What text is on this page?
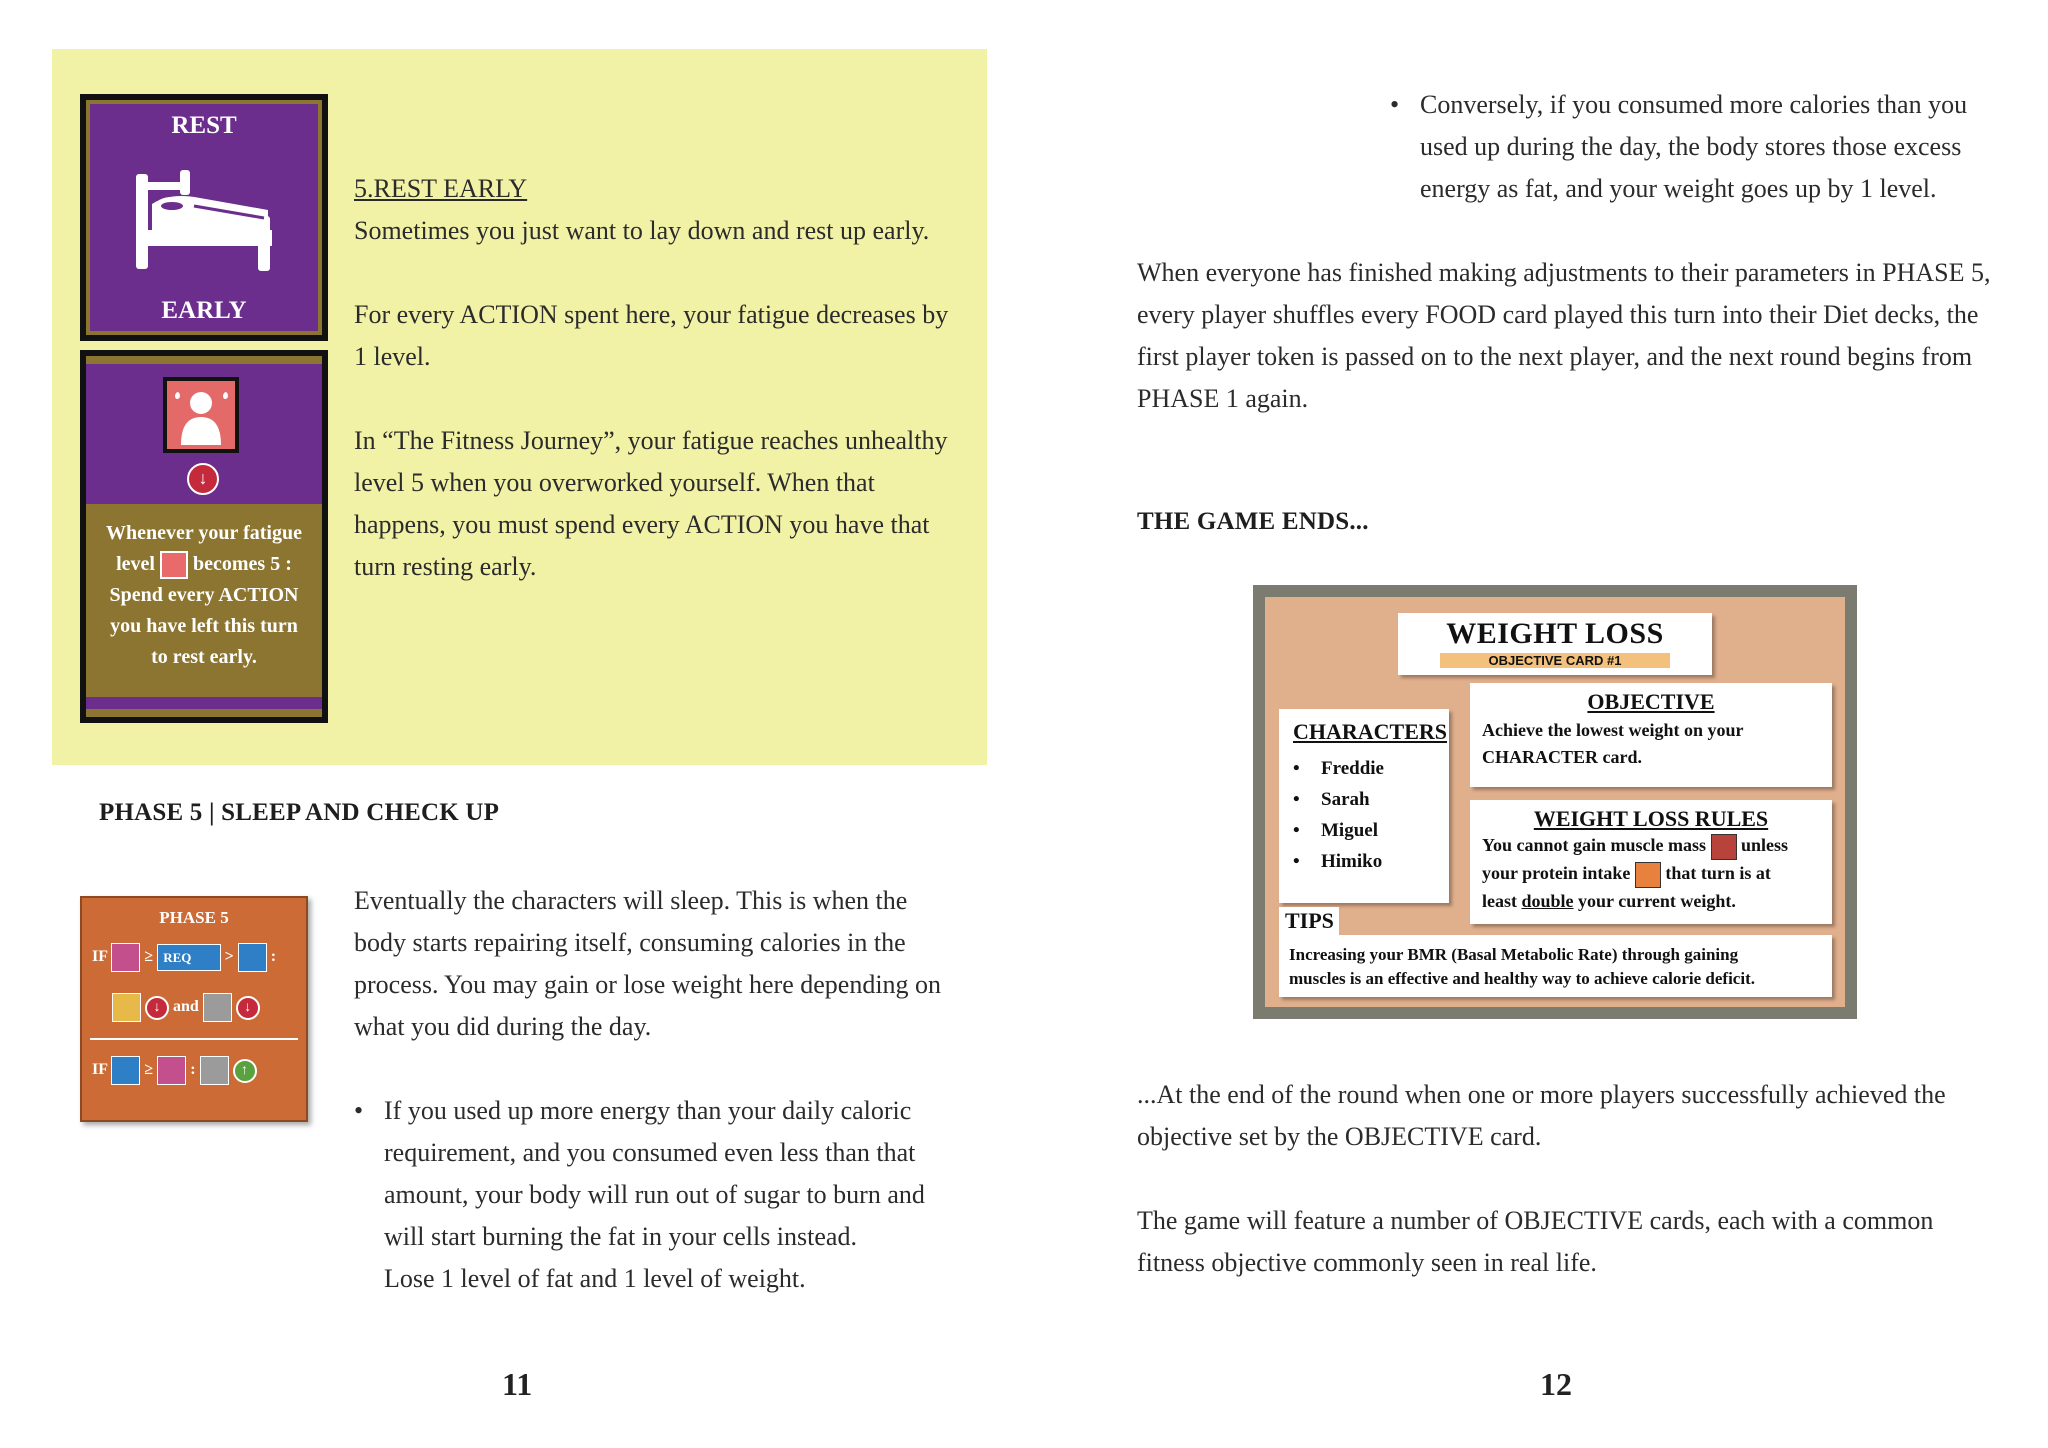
REST
EARLY
↓
Whenever your fatigue
level becomes 5 :
Spend every ACTION
you have left this turn
to rest early.

5.REST EARLY

Sometimes you just want to lay down and rest up early.

For every ACTION spent here, your fatigue decreases by

1 level.

In “The Fitness Journey”, your fatigue reaches unhealthy

level 5 when you overworked yourself. When that

happens, you must spend every ACTION you have that

turn resting early.

PHASE 5 | SLEEP AND CHECK UP
PHASE 5
IF ≥ REQ > :
↓ and	↓
IF ≥ :	↑

Eventually the characters will sleep. This is when the

body starts repairing itself, consuming calories in the

process. You may gain or lose weight here depending on

what you did during the day.

• If you used up more energy than your daily caloric

requirement, and you consumed even less than that

amount, your body will run out of sugar to burn and

will start burning the fat in your cells instead.

Lose 1 level of fat and 1 level of weight.

11
• Conversely, if you consumed more calories than you

used up during the day, the body stores those excess

energy as fat, and your weight goes up by 1 level.

When everyone has finished making adjustments to their parameters in PHASE 5,

every player shuffles every FOOD card played this turn into their Diet decks, the

first player token is passed on to the next player, and the next round begins from

PHASE 1 again.

THE GAME ENDS...
WEIGHT LOSS
OBJECTIVE CARD #1
CHARACTERS
• Freddie
• Sarah
• Miguel
• Himiko
OBJECTIVE
Achieve the lowest weight on your
CHARACTER card.
WEIGHT LOSS RULES
You cannot gain muscle mass unless
your protein intake that turn is at
least double your current weight.
Increasing your BMR (Basal Metabolic Rate) through gaining
muscles is an effective and healthy way to achieve calorie deficit.
TIPS

...At the end of the round when one or more players successfully achieved the

objective set by the OBJECTIVE card.

The game will feature a number of OBJECTIVE cards, each with a common

fitness objective commonly seen in real life.

12
